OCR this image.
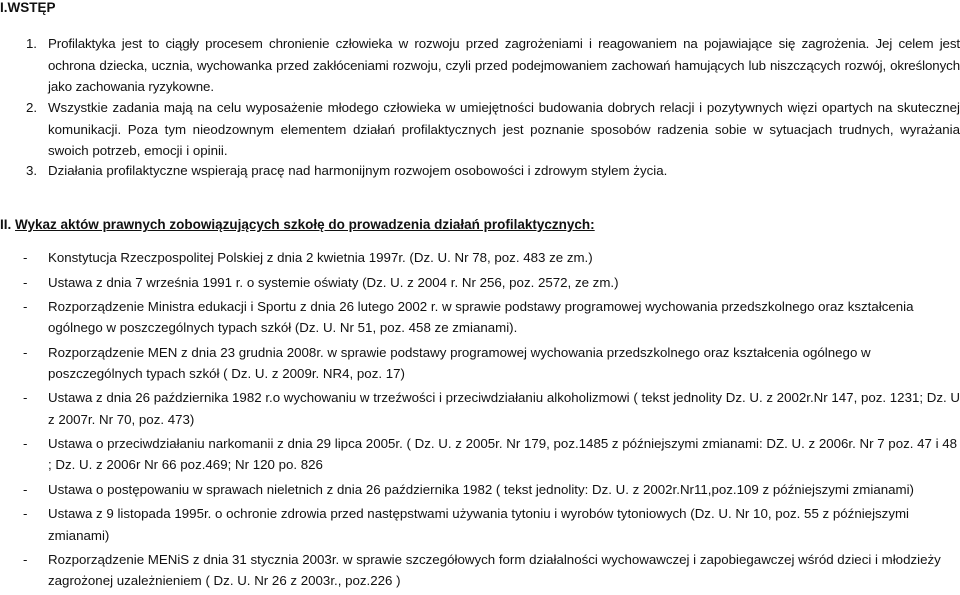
I.WSTĘP
1. Profilaktyka jest to ciągły procesem chronienie człowieka w rozwoju przed zagrożeniami i reagowaniem na pojawiające się zagrożenia. Jej celem jest ochrona dziecka, ucznia, wychowanka przed zakłóceniami rozwoju, czyli przed podejmowaniem zachowań hamujących lub niszczących rozwój, określonych jako zachowania ryzykowne.
2. Wszystkie zadania mają na celu wyposażenie młodego człowieka w umiejętności budowania dobrych relacji i pozytywnych więzi opartych na skutecznej komunikacji. Poza tym nieodzownym elementem działań profilaktycznych jest poznanie sposobów radzenia sobie w sytuacjach trudnych, wyrażania swoich potrzeb, emocji i opinii.
3. Działania profilaktyczne wspierają pracę nad harmonijnym rozwojem osobowości i zdrowym stylem życia.
II. Wykaz aktów prawnych zobowiązujących szkołę do prowadzenia działań profilaktycznych:
- Konstytucja Rzeczpospolitej Polskiej z dnia 2 kwietnia 1997r. (Dz. U. Nr 78, poz. 483 ze zm.)
- Ustawa z dnia 7 września 1991 r. o systemie oświaty (Dz. U. z 2004 r. Nr 256, poz. 2572, ze zm.)
- Rozporządzenie Ministra edukacji i Sportu z dnia 26 lutego 2002 r. w sprawie podstawy programowej wychowania przedszkolnego oraz kształcenia ogólnego w poszczególnych typach szkół (Dz. U. Nr 51, poz. 458 ze zmianami).
- Rozporządzenie MEN z dnia 23 grudnia 2008r. w sprawie podstawy programowej wychowania przedszkolnego oraz kształcenia ogólnego w poszczególnych typach szkół ( Dz. U. z 2009r. NR4, poz. 17)
- Ustawa z dnia 26 października 1982 r.o wychowaniu w trzeźwości i przeciwdziałaniu alkoholizmowi ( tekst jednolity Dz. U. z 2002r.Nr 147, poz. 1231; Dz. U z 2007r. Nr 70, poz. 473)
- Ustawa o przeciwdziałaniu narkomanii z dnia 29 lipca 2005r. ( Dz. U. z 2005r. Nr 179, poz.1485 z późniejszymi zmianami: DZ. U. z 2006r. Nr 7 poz. 47 i 48 ; Dz. U. z 2006r Nr 66 poz.469; Nr 120 po. 826
- Ustawa o postępowaniu w sprawach nieletnich z dnia 26 października 1982 ( tekst jednolity: Dz. U. z 2002r.Nr11,poz.109 z późniejszymi zmianami)
- Ustawa z 9 listopada 1995r. o ochronie zdrowia przed następstwami używania tytoniu i wyrobów tytoniowych (Dz. U. Nr 10, poz. 55 z późniejszymi zmianami)
- Rozporządzenie MENiS z dnia 31 stycznia 2003r. w sprawie szczegółowych form działalności wychowawczej i zapobiegawczej wśród dzieci i młodzieży zagrożonej uzależnieniem ( Dz. U. Nr 26 z 2003r., poz.226 )
